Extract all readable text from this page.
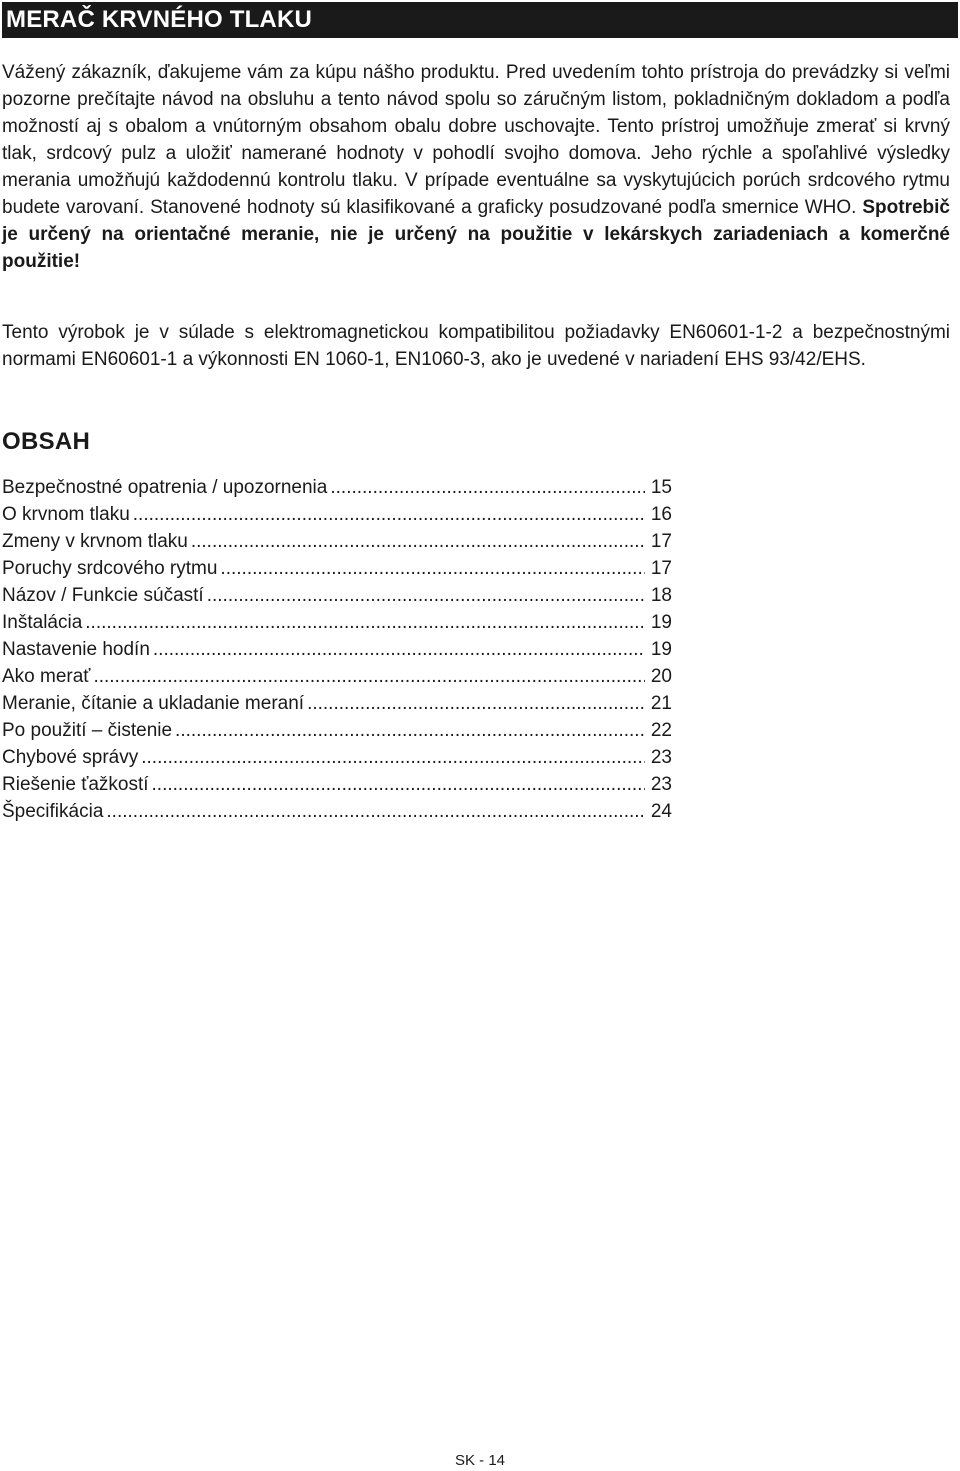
MERAČ KRVNÉHO TLAKU

Vážený zákazník, ďakujeme vám za kúpu nášho produktu. Pred uvedením tohto prístroja do prevádzky si veľmi pozorne prečítajte návod na obsluhu a tento návod spolu so záručným listom, pokladničným dokladom a podľa možností aj s obalom a vnútorným obsahom obalu dobre uschovajte. Tento prístroj umožňuje zmerať si krvný tlak, srdcový pulz a uložiť namerané hodnoty v pohodlí svojho domova. Jeho rýchle a spoľahlivé výsledky merania umožňujú každodennú kontrolu tlaku. V prípade eventuálne sa vyskytujúcich porúch srdcového rytmu budete varovaní. Stanovené hodnoty sú klasifikované a graficky posudzované podľa smernice WHO. Spotrebič je určený na orientačné meranie, nie je určený na použitie v lekárskych zariadeniach a komerčné použitie!

Tento výrobok je v súlade s elektromagnetickou kompatibilitou požiadavky EN60601-1-2 a bezpečnostnými normami EN60601-1 a výkonnosti EN 1060-1, EN1060-3, ako je uvedené v nariadení EHS 93/42/EHS.

OBSAH
Bezpečnostné opatrenia / upozornenia .....	15
O krvnom tlaku .....	16
Zmeny v krvnom tlaku .....	17
Poruchy srdcového rytmu .....	17
Názov / Funkcie súčastí .....	18
Inštalácia .....	19
Nastavenie hodín .....	19
Ako merať .....	20
Meranie, čítanie a ukladanie meraní .....	21
Po použití – čistenie .....	22
Chybové správy .....	23
Riešenie ťažkostí .....	23
Špecifikácia .....	24
SK - 14
